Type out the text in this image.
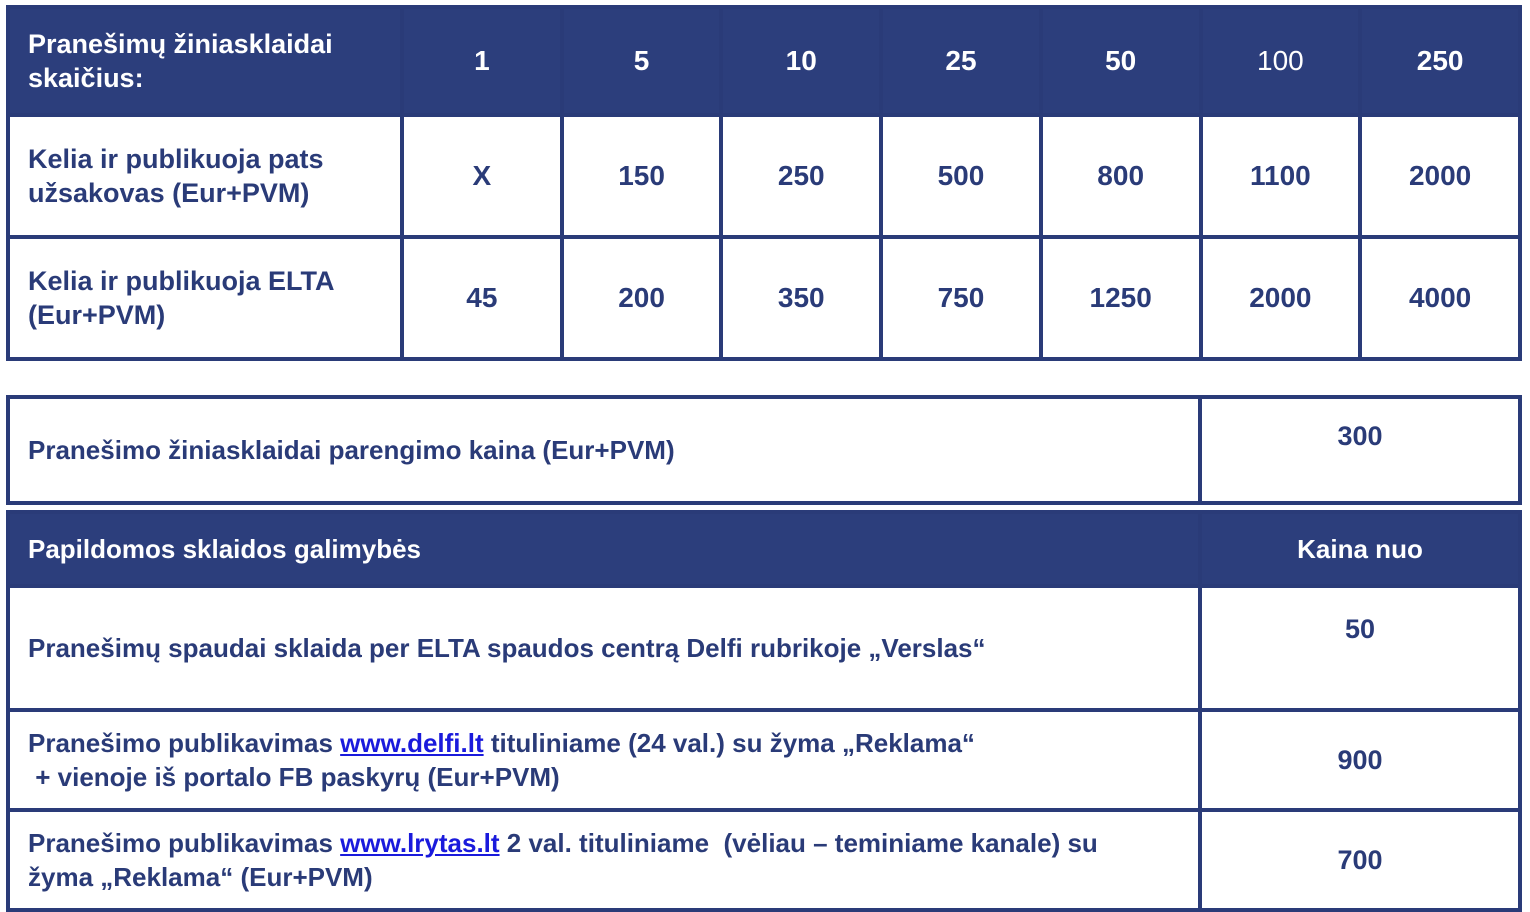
Pranešimų žiniasklaidai skaičius:	1	5	10	25	50	100	250
Kelia ir publikuoja pats užsakovas (Eur+PVM)	X	150	250	500	800	1100	2000
Kelia ir publikuoja ELTA (Eur+PVM)	45	200	350	750	1250	2000	4000
Pranešimo žiniasklaidai parengimo kaina (Eur+PVM)	300
Papildomos sklaidos galimybės	Kaina nuo
Pranešimų spaudai sklaida per ELTA spaudos centrą Delfi rubrikoje „Verslas“	50
Pranešimo publikavimas www.delfi.lt tituliniame (24 val.) su žyma „Reklama“
+ vienoje iš portalo FB paskyrų (Eur+PVM)	900
Pranešimo publikavimas www.lrytas.lt 2 val. tituliniame  (vėliau – teminiame kanale) su
žyma „Reklama“ (Eur+PVM)	700
